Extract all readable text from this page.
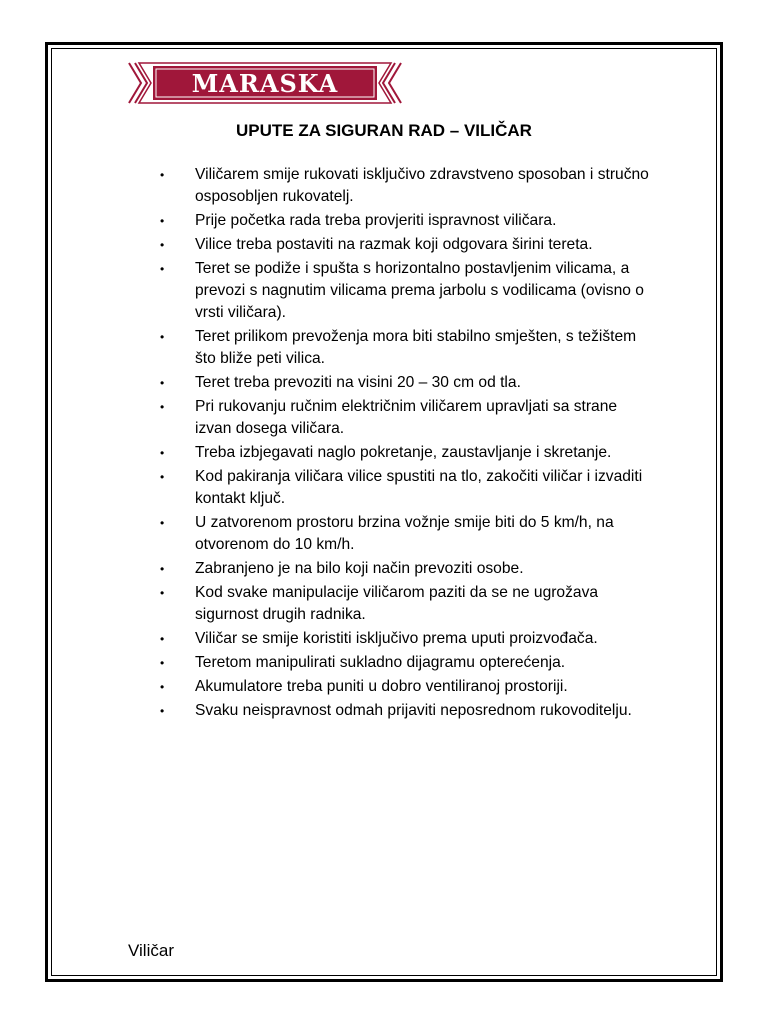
MARASKA
UPUTE ZA SIGURAN RAD – VILIČAR
• Viličarem smije rukovati isključivo zdravstveno sposoban i stručno osposobljen rukovatelj.
• Prije početka rada treba provjeriti ispravnost viličara.
• Vilice treba postaviti na razmak koji odgovara širini tereta.
• Teret se podiže i spušta s horizontalno postavljenim vilicama, a prevozi s nagnutim vilicama prema jarbolu s vodilicama (ovisno o vrsti viličara).
• Teret prilikom prevoženja mora biti stabilno smješten, s težištem što bliže peti vilica.
• Teret treba prevoziti na visini 20 – 30 cm od tla.
• Pri rukovanju ručnim električnim viličarem upravljati sa strane izvan dosega viličara.
• Treba izbjegavati naglo pokretanje, zaustavljanje i skretanje.
• Kod pakiranja viličara vilice spustiti na tlo, zakočiti viličar i izvaditi kontakt ključ.
• U zatvorenom prostoru brzina vožnje smije biti do 5 km/h, na otvorenom do 10 km/h.
• Zabranjeno je na bilo koji način prevoziti osobe.
• Kod svake manipulacije viličarom paziti da se ne ugrožava sigurnost drugih radnika.
• Viličar se smije koristiti isključivo prema uputi proizvođača.
• Teretom manipulirati sukladno dijagramu opterećenja.
• Akumulatore treba puniti u dobro ventiliranoj prostoriji.
• Svaku neispravnost odmah prijaviti neposrednom rukovoditelju.
Viličar
